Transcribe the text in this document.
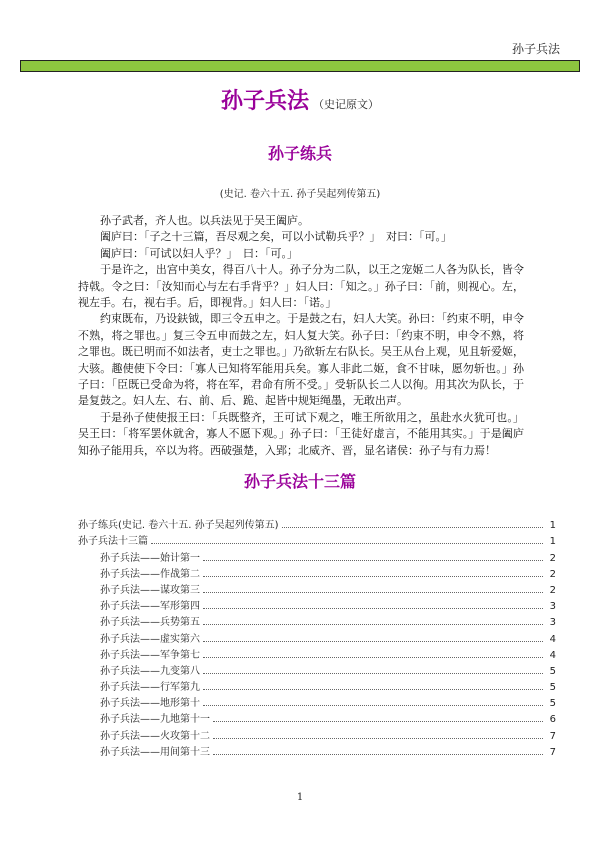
孙子兵法
孙子兵法 （史记原文）
孙子练兵
(史记. 卷六十五. 孙子吴起列传第五)

孙子武者，齐人也。以兵法见于吴王阖庐。

阖庐曰：「子之十三篇，吾尽观之矣，可以小试勒兵乎？」　对曰：「可。」

阖庐曰：「可试以妇人乎？」　曰：「可。」

于是许之，出宫中美女，得百八十人。孙子分为二队，以王之宠姬二人各为队长，皆令持戟。令之曰：「汝知而心与左右手背乎？」妇人曰：「知之。」孙子曰：「前，则视心。左，视左手。右，视右手。后，即视背。」妇人曰：「诺。」

约束既布，乃设鈇钺，即三令五申之。于是鼓之右，妇人大笑。孙曰：「约束不明，申令不熟，将之罪也。」复三令五申而鼓之左，妇人复大笑。孙子曰：「约束不明，申令不熟，将之罪也。既已明而不如法者，吏士之罪也。」乃欲斩左右队长。吴王从台上观，见且斩爱姬，大骇。趣使使下令曰：「寡人已知将军能用兵矣。寡人非此二姬，食不甘味，愿勿斩也。」孙子曰：「臣既已受命为将，将在军，君命有所不受。」受斩队长二人以徇。用其次为队长，于是复鼓之。妇人左、右、前、后、跪、起皆中规矩绳墨，无敢出声。

于是孙子使使报王曰：「兵既整齐，王可试下观之，唯王所欲用之，虽赴水火犹可也。」吴王曰：「将军罢休就舍，寡人不愿下观。」孙子曰：「王徒好虚言，不能用其实。」于是阖庐知孙子能用兵，卒以为将。西破强楚，入郢；北威齐、晋，显名诸侯：孙子与有力焉！

孙子兵法十三篇
孙子练兵(史记. 卷六十五. 孙子吴起列传第五)	1
孙子兵法十三篇	1
孙子兵法——始计第一	2
孙子兵法——作战第二	2
孙子兵法——谋攻第三	2
孙子兵法——军形第四	3
孙子兵法——兵势第五	3
孙子兵法——虚实第六	4
孙子兵法——军争第七	4
孙子兵法——九变第八	5
孙子兵法——行军第九	5
孙子兵法——地形第十	5
孙子兵法——九地第十一	6
孙子兵法——火攻第十二	7
孙子兵法——用间第十三	7
1
